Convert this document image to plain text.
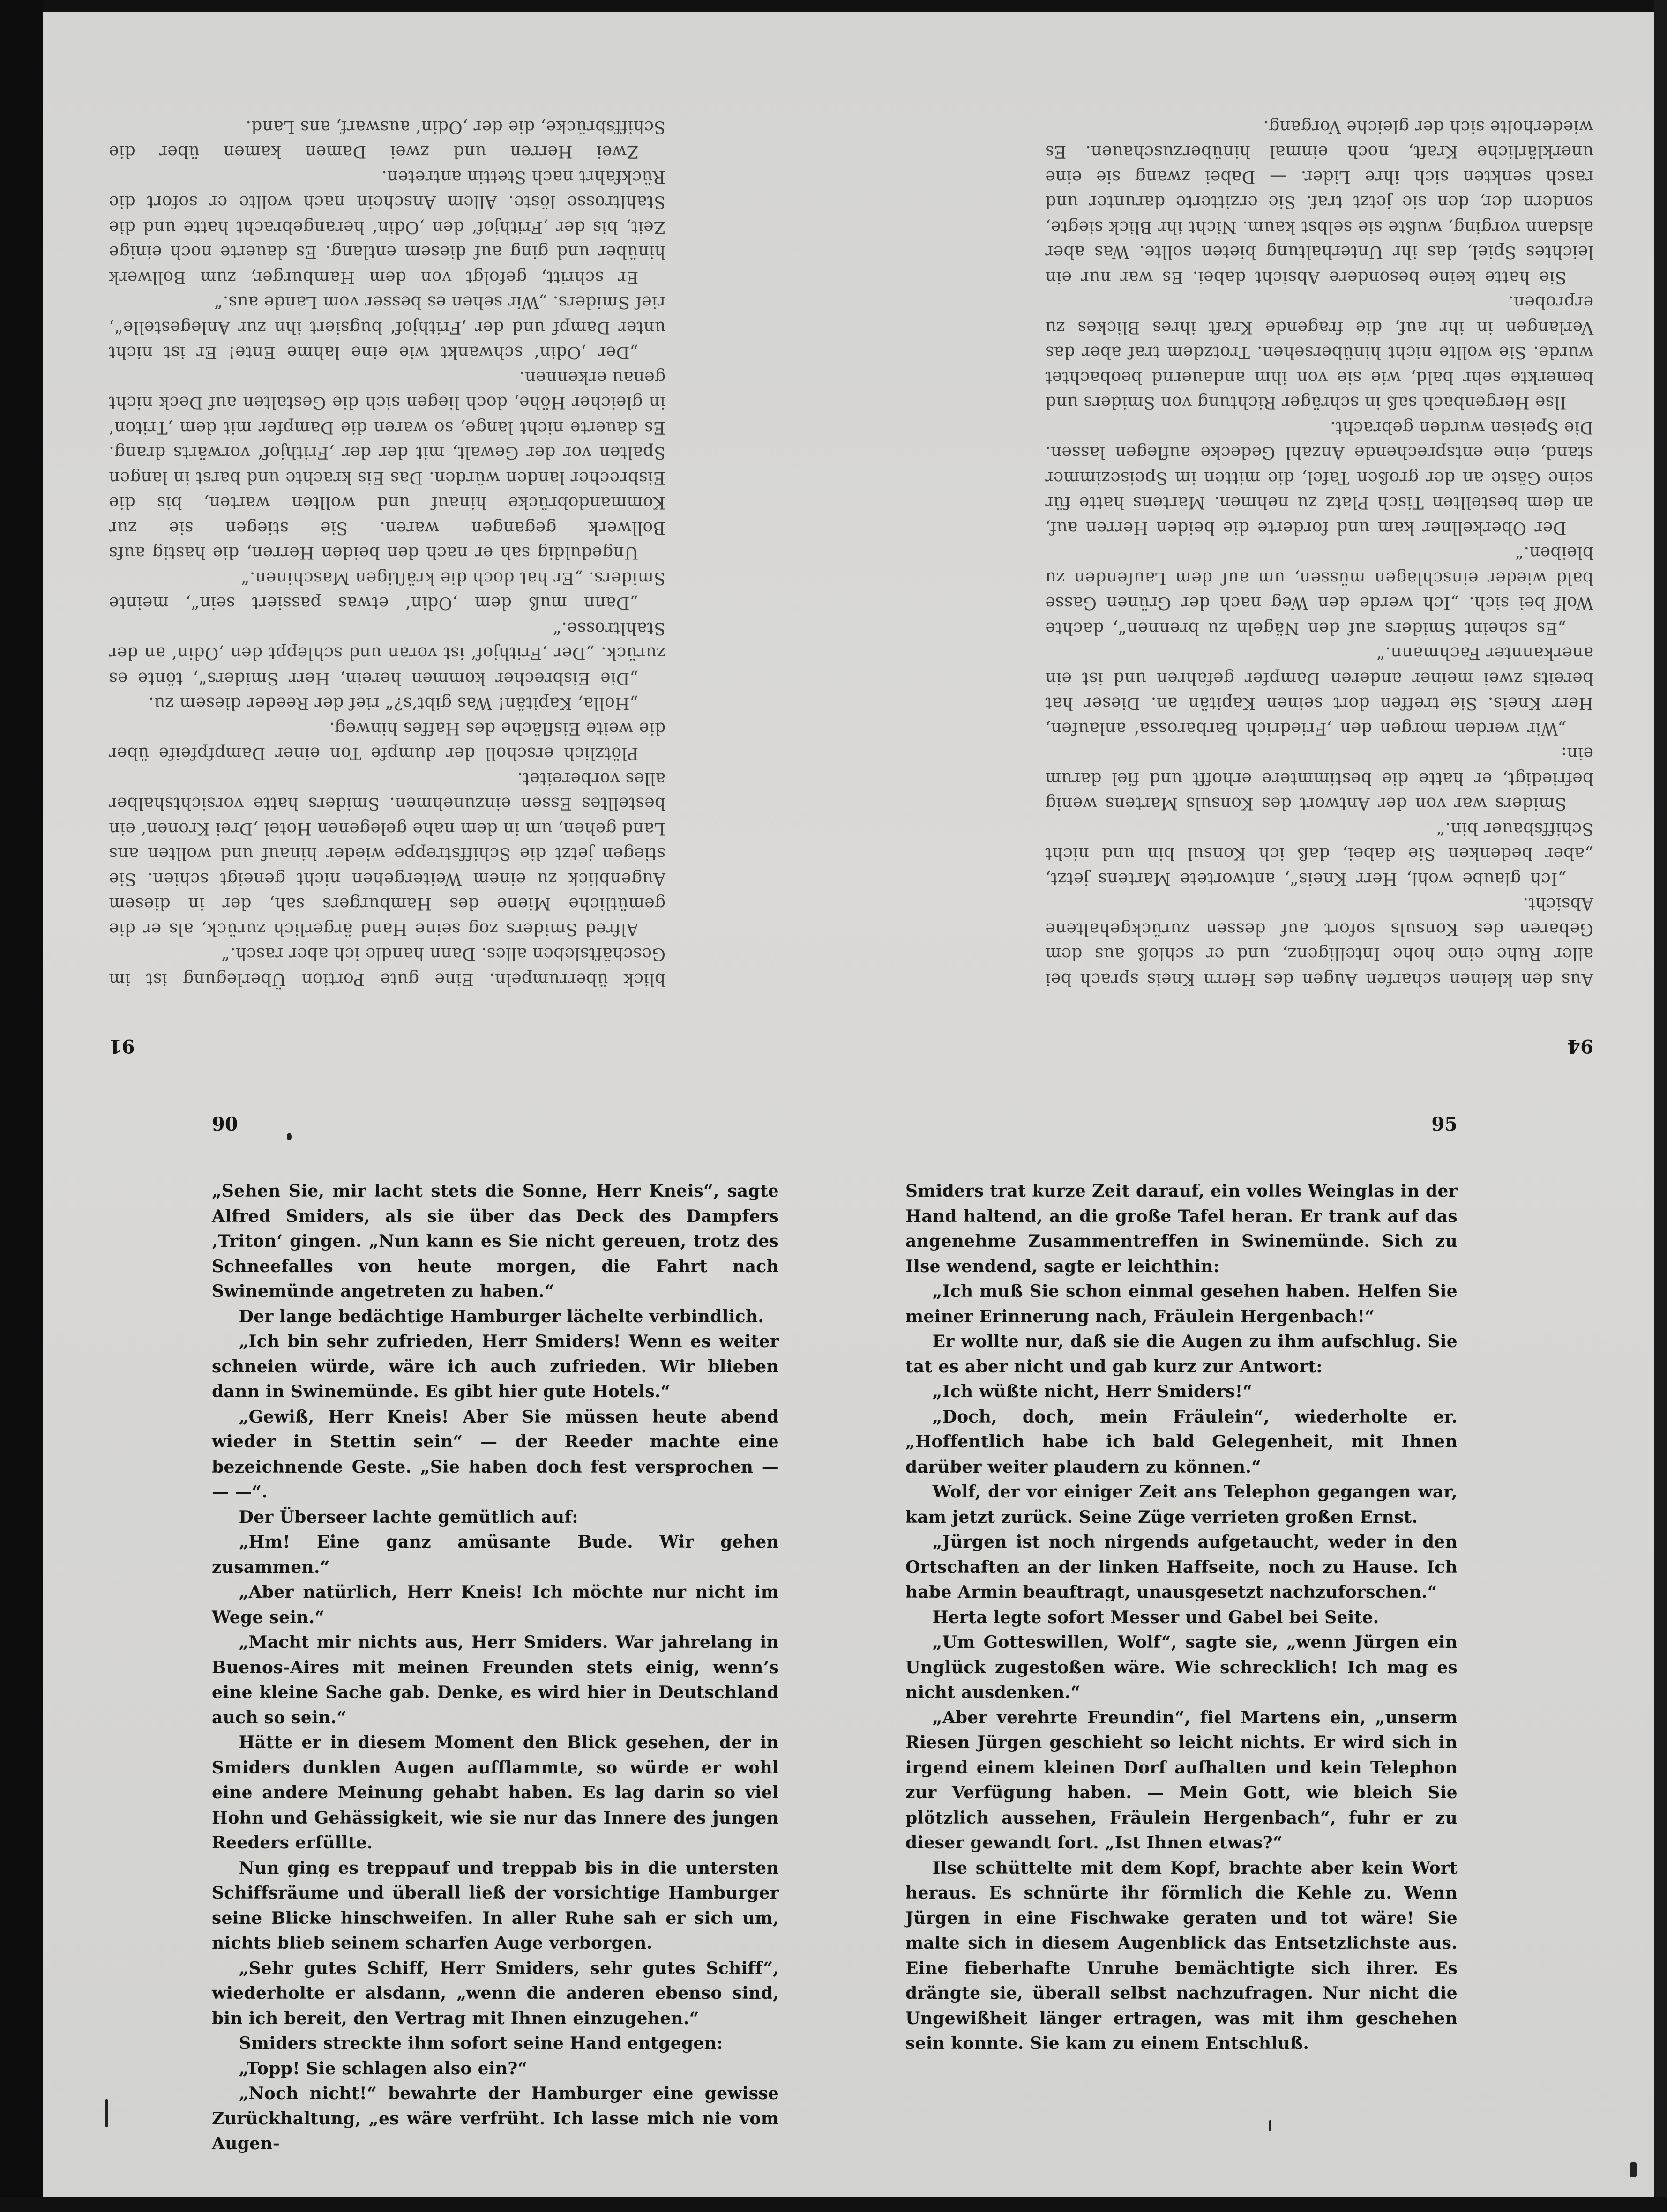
94

Aus den kleinen scharfen Augen des Herrn Kneis sprach bei aller Ruhe eine hohe Intelligenz, und er schloß aus dem Gebaren des Konsuls sofort auf dessen zurückgehaltene Absicht.

„Ich glaube wohl, Herr Kneis“, antwortete Martens jetzt, „aber bedenken Sie dabei, daß ich Konsul bin und nicht Schiffsbauer bin.“

Smiders war von der Antwort des Konsuls Martens wenig befriedigt, er hatte die bestimmtere erhofft und fiel darum ein:

„Wir werden morgen den ‚Friedrich Barbarossa‘ anlaufen, Herr Kneis. Sie treffen dort seinen Kapitän an. Dieser hat bereits zwei meiner anderen Dampfer gefahren und ist ein anerkannter Fachmann.“

„Es scheint Smiders auf den Nägeln zu brennen“, dachte Wolf bei sich. „Ich werde den Weg nach der Grünen Gasse bald wieder einschlagen müssen, um auf dem Laufenden zu bleiben.“

Der Oberkellner kam und forderte die beiden Herren auf, an dem bestellten Tisch Platz zu nehmen. Martens hatte für seine Gäste an der großen Tafel, die mitten im Speisezimmer stand, eine entsprechende Anzahl Gedecke auflegen lassen. Die Speisen wurden gebracht.

Ilse Hergenbach saß in schräger Richtung von Smiders und bemerkte sehr bald, wie sie von ihm andauernd beobachtet wurde. Sie wollte nicht hinübersehen. Trotzdem traf aber das Verlangen in ihr auf, die fragende Kraft ihres Blickes zu erproben.

Sie hatte keine besondere Absicht dabei. Es war nur ein leichtes Spiel, das ihr Unterhaltung bieten sollte. Was aber alsdann vorging, wußte sie selbst kaum. Nicht ihr Blick siegte, sondern der, den sie jetzt traf. Sie erzitterte darunter und rasch senkten sich ihre Lider. — Dabei zwang sie eine unerklärliche Kraft, noch einmal hinüberzuschauen. Es wiederholte sich der gleiche Vorgang.

91

blick überrumpeln. Eine gute Portion Überlegung ist im Geschäftsleben alles. Dann handle ich aber rasch.“

Alfred Smiders zog seine Hand ärgerlich zurück, als er die gemütliche Miene des Hamburgers sah, der in diesem Augenblick zu einem Weitergehen nicht geneigt schien. Sie stiegen jetzt die Schiffstreppe wieder hinauf und wollten ans Land gehen, um in dem nahe gelegenen Hotel ‚Drei Kronen‘ ein bestelltes Essen einzunehmen. Smiders hatte vorsichtshalber alles vorbereitet.

Plötzlich erscholl der dumpfe Ton einer Dampfpfeife über die weite Eisfläche des Haffes hinweg.

„Holla, Kapitän! Was gibt’s?“ rief der Reeder diesem zu.

„Die Eisbrecher kommen herein, Herr Smiders“, tönte es zurück. „Der ‚Frithjof‘ ist voran und schleppt den ‚Odin‘ an der Stahltrosse.“

„Dann muß dem ‚Odin‘ etwas passiert sein“, meinte Smiders. „Er hat doch die kräftigen Maschinen.“

Ungeduldig sah er nach den beiden Herren, die hastig aufs Bollwerk gegangen waren. Sie stiegen sie zur Kommandobrücke hinauf und wollten warten, bis die Eisbrecher landen würden. Das Eis krachte und barst in langen Spalten vor der Gewalt, mit der der ‚Frithjof‘ vorwärts drang. Es dauerte nicht lange, so waren die Dampfer mit dem ‚Triton‘ in gleicher Höhe, doch liegen sich die Gestalten auf Deck nicht genau erkennen.

„Der ‚Odin‘ schwankt wie eine lahme Ente! Er ist nicht unter Dampf und der ‚Frithjof‘ bugsiert ihn zur Anlegestelle“, rief Smiders. „Wir sehen es besser vom Lande aus.“

Er schritt, gefolgt von dem Hamburger, zum Bollwerk hinüber und ging auf diesem entlang. Es dauerte noch einige Zeit, bis der ‚Frithjof‘ den ‚Odin‘ herangebracht hatte und die Stahltrosse löste. Allem Anschein nach wollte er sofort die Rückfahrt nach Stettin antreten.

Zwei Herren und zwei Damen kamen über die Schiffsbrücke, die der ‚Odin‘ auswarf, ans Land.

90

„Sehen Sie, mir lacht stets die Sonne, Herr Kneis“, sagte Alfred Smiders, als sie über das Deck des Dampfers ‚Triton‘ gingen. „Nun kann es Sie nicht gereuen, trotz des Schneefalles von heute morgen, die Fahrt nach Swinemünde angetreten zu haben.“

Der lange bedächtige Hamburger lächelte verbindlich.

„Ich bin sehr zufrieden, Herr Smiders! Wenn es weiter schneien würde, wäre ich auch zufrieden. Wir blieben dann in Swinemünde. Es gibt hier gute Hotels.“

„Gewiß, Herr Kneis! Aber Sie müssen heute abend wieder in Stettin sein“ — der Reeder machte eine bezeichnende Geste. „Sie haben doch fest versprochen — — —“.

Der Überseer lachte gemütlich auf:

„Hm! Eine ganz amüsante Bude. Wir gehen zusammen.“

„Aber natürlich, Herr Kneis! Ich möchte nur nicht im Wege sein.“

„Macht mir nichts aus, Herr Smiders. War jahrelang in Buenos-Aires mit meinen Freunden stets einig, wenn’s eine kleine Sache gab. Denke, es wird hier in Deutschland auch so sein.“

Hätte er in diesem Moment den Blick gesehen, der in Smiders dunklen Augen aufflammte, so würde er wohl eine andere Meinung gehabt haben. Es lag darin so viel Hohn und Gehässigkeit, wie sie nur das Innere des jungen Reeders erfüllte.

Nun ging es treppauf und treppab bis in die untersten Schiffsräume und überall ließ der vorsichtige Hamburger seine Blicke hinschweifen. In aller Ruhe sah er sich um, nichts blieb seinem scharfen Auge verborgen.

„Sehr gutes Schiff, Herr Smiders, sehr gutes Schiff“, wiederholte er alsdann, „wenn die anderen ebenso sind, bin ich bereit, den Vertrag mit Ihnen einzugehen.“

Smiders streckte ihm sofort seine Hand entgegen:

„Topp! Sie schlagen also ein?“

„Noch nicht!“ bewahrte der Hamburger eine gewisse Zurückhaltung, „es wäre verfrüht. Ich lasse mich nie vom Augen-

95

Smiders trat kurze Zeit darauf, ein volles Weinglas in der Hand haltend, an die große Tafel heran. Er trank auf das angenehme Zusammentreffen in Swinemünde. Sich zu Ilse wendend, sagte er leichthin:

„Ich muß Sie schon einmal gesehen haben. Helfen Sie meiner Erinnerung nach, Fräulein Hergenbach!“

Er wollte nur, daß sie die Augen zu ihm aufschlug. Sie tat es aber nicht und gab kurz zur Antwort:

„Ich wüßte nicht, Herr Smiders!“

„Doch, doch, mein Fräulein“, wiederholte er. „Hoffentlich habe ich bald Gelegenheit, mit Ihnen darüber weiter plaudern zu können.“

Wolf, der vor einiger Zeit ans Telephon gegangen war, kam jetzt zurück. Seine Züge verrieten großen Ernst.

„Jürgen ist noch nirgends aufgetaucht, weder in den Ortschaften an der linken Haffseite, noch zu Hause. Ich habe Armin beauftragt, unausgesetzt nachzuforschen.“

Herta legte sofort Messer und Gabel bei Seite.

„Um Gotteswillen, Wolf“, sagte sie, „wenn Jürgen ein Unglück zugestoßen wäre. Wie schrecklich! Ich mag es nicht ausdenken.“

„Aber verehrte Freundin“, fiel Martens ein, „unserm Riesen Jürgen geschieht so leicht nichts. Er wird sich in irgend einem kleinen Dorf aufhalten und kein Telephon zur Verfügung haben. — Mein Gott, wie bleich Sie plötzlich aussehen, Fräulein Hergenbach“, fuhr er zu dieser gewandt fort. „Ist Ihnen etwas?“

Ilse schüttelte mit dem Kopf, brachte aber kein Wort heraus. Es schnürte ihr förmlich die Kehle zu. Wenn Jürgen in eine Fischwake geraten und tot wäre! Sie malte sich in diesem Augenblick das Entsetzlichste aus. Eine fieberhafte Unruhe bemächtigte sich ihrer. Es drängte sie, überall selbst nachzufragen. Nur nicht die Ungewißheit länger ertragen, was mit ihm geschehen sein konnte. Sie kam zu einem Entschluß.
